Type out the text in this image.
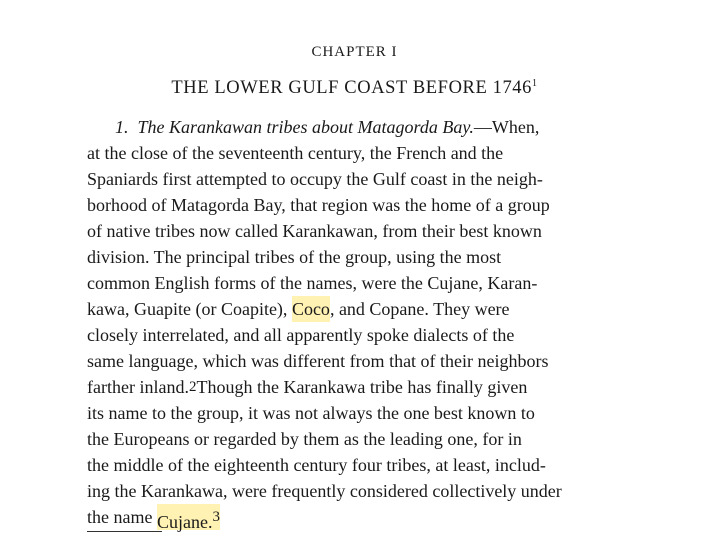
CHAPTER I
THE LOWER GULF COAST BEFORE 1746$^1$
1. The Karankawan tribes about Matagorda Bay.—When,
at the close of the seventeenth century, the French and the
Spaniards first attempted to occupy the Gulf coast in the neigh-
borhood of Matagorda Bay, that region was the home of a group
of native tribes now called Karankawan, from their best known
division. The principal tribes of the group, using the most
common English forms of the names, were the Cujane, Karan-
kawa, Guapite (or Coapite),
Coco , and Copane. They were
closely interrelated, and all apparently spoke dialects of the
same language, which was different from that of their neighbors
farther inland. 2 Though the Karankawa tribe has finally given
its name to the group, it was not always the one best known to
the Europeans or regarded by them as the leading one, for in
the middle of the eighteenth century four tribes, at least, includ-
ing the Karankawa, were frequently considered collectively under
the name
Cujane.$^3$
